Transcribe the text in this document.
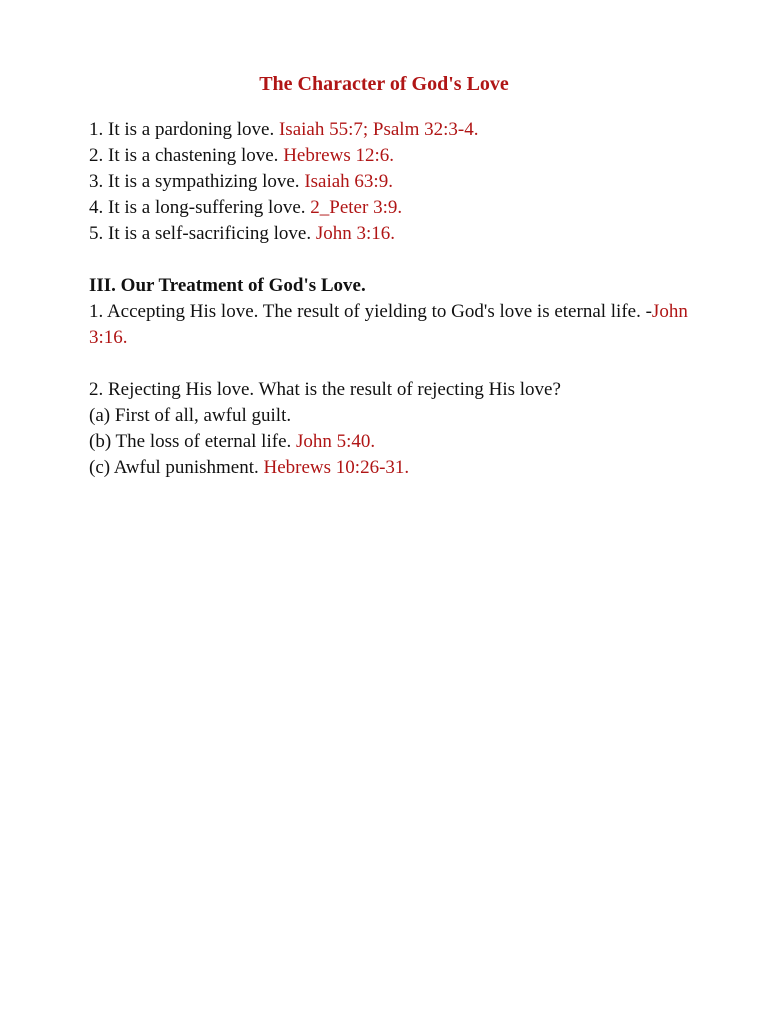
The Character of God's Love
1. It is a pardoning love. Isaiah 55:7; Psalm 32:3-4.
2. It is a chastening love. Hebrews 12:6.
3. It is a sympathizing love. Isaiah 63:9.
4. It is a long-suffering love. 2_Peter 3:9.
5. It is a self-sacrificing love. John 3:16.
III. Our Treatment of God's Love.
1. Accepting His love. The result of yielding to God's love is eternal life. -John 3:16.
2. Rejecting His love. What is the result of rejecting His love?
(a) First of all, awful guilt.
(b) The loss of eternal life. John 5:40.
(c) Awful punishment. Hebrews 10:26-31.
